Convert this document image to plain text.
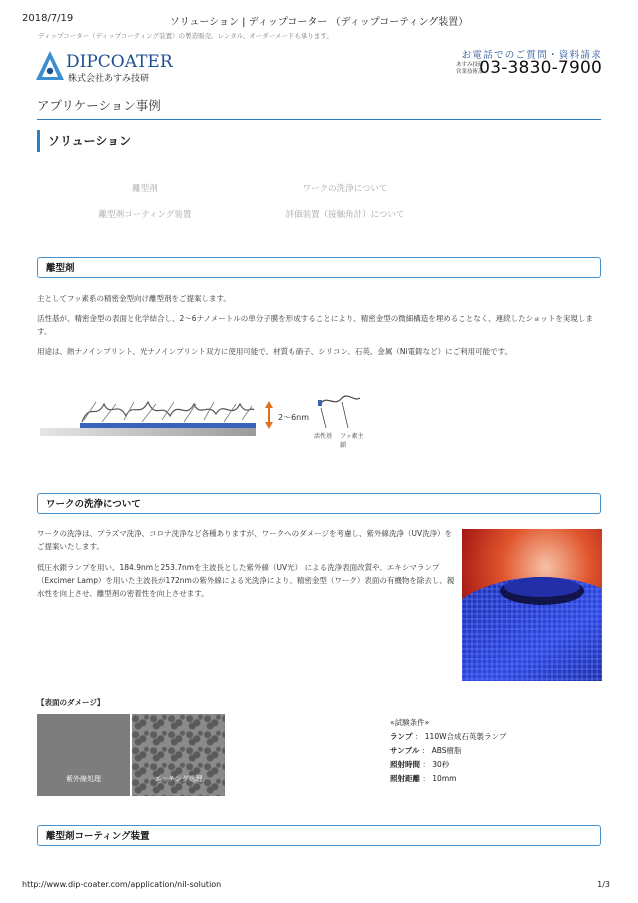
2018/7/19	ソリューション | ディップコーター （ディップコーティング装置）
ディップコーター（ディップコーティング装置）の製造販売。レンタル、オーダーメードも承ります。
DIPCOATER
株式会社あすみ技研
お電話でのご質問・資料請求
あすみ技研
営業技術部
03-3830-7900
アプリケーション事例
ソリューション
離型剤	ワークの洗浄について
離型剤コーティング装置	評価装置（接触角計）について
離型剤
主としてフッ素系の精密金型向け離型剤をご提案します。
活性基が、精密金型の表面と化学結合し、2～6ナノメートルの単分子膜を形成することにより、精密金型の微細構造を埋めることなく、連続したショットを実現します。
用途は、熱ナノインプリント、光ナノインプリント双方に使用可能で、材質も硝子、シリコン、石英、金属（Ni電鋳など）にご利用可能です。
2～6nm
活性基 フッ素主鎖
ワークの洗浄について
ワークの洗浄は、プラズマ洗浄、コロナ洗浄など各種ありますが、ワークへのダメージを考慮し、紫外線洗浄（UV洗浄）をご提案いたします。
低圧水銀ランプを用い、184.9nmと253.7nmを主波長とした紫外線（UV光） による洗浄表面改質や、エキシマランプ（Excimer Lamp）を用いた主波長が172nmの紫外線による光洗浄により、精密金型（ワーク）表面の有機物を除去し、親水性を向上させ、離型剤の密着性を向上させます。
【表面のダメージ】
紫外線処理	エッチング処理
«試験条件»
ランプ ： 110W合成石英製ランプ
サンプル ： ABS樹脂
照射時間 ： 30秒
照射距離 ： 10mm
離型剤コーティング装置
http://www.dip-coater.com/application/nil-solution	1/3
